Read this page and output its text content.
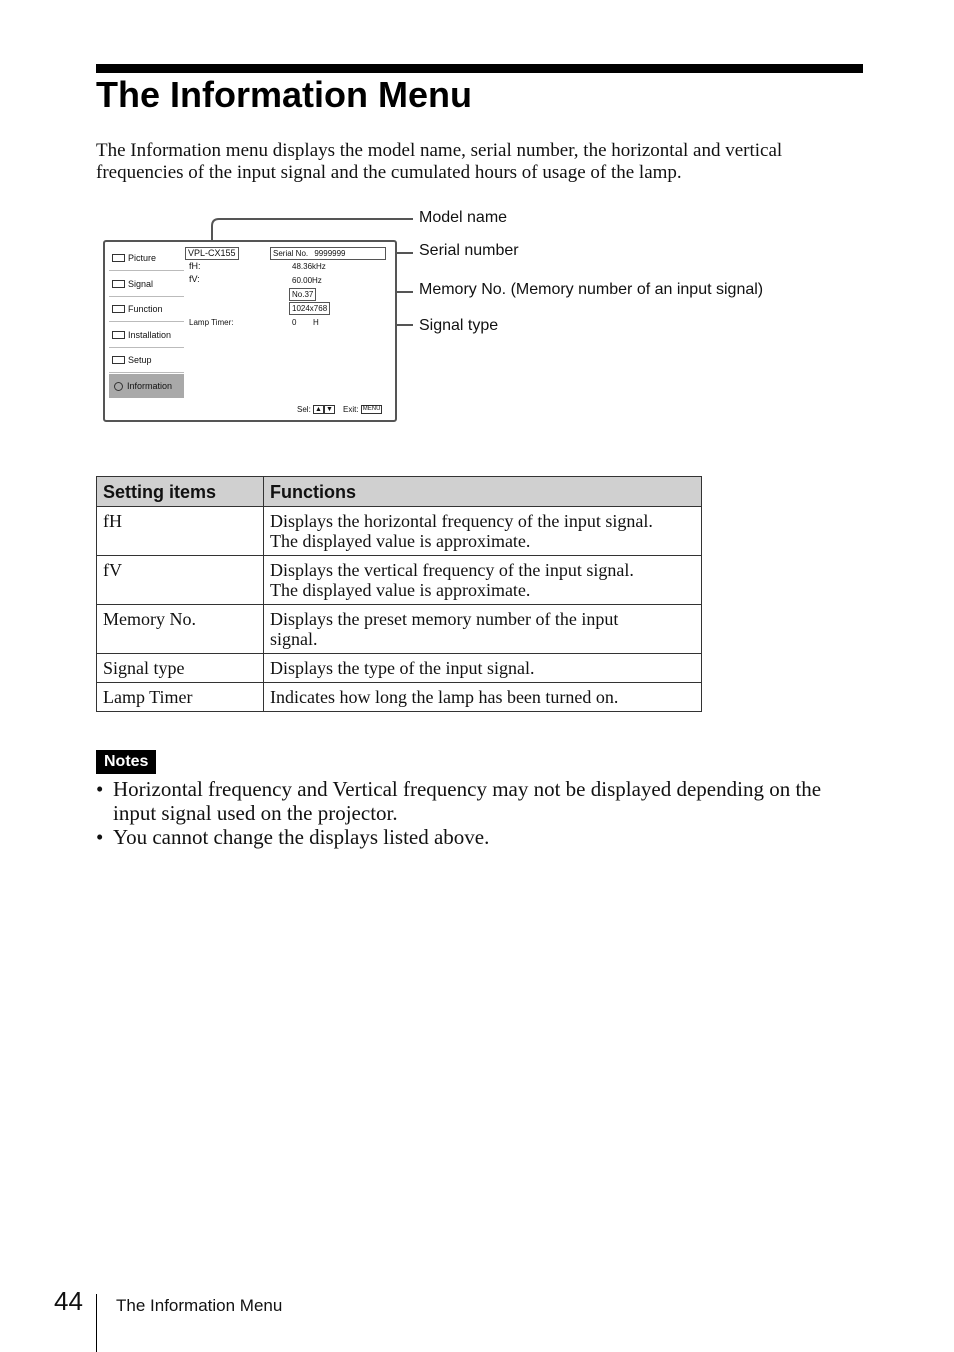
The Information Menu
The Information menu displays the model name, serial number, the horizontal and vertical frequencies of the input signal and the cumulated hours of usage of the lamp.
Model name
Serial number
Memory No. (Memory number of an input signal)
Signal type
Picture
Signal
Function
Installation
Setup
Information
VPL-CX155	Serial No. 9999999
fH:	48.36kHz
fV:	60.00Hz
No.37
1024x768
Lamp Timer:	0 H
Sel: ▲ ▼ Exit: MENU
Setting items	Functions
fH	Displays the horizontal frequency of the input signal.
The displayed value is approximate.

fV	Displays the vertical frequency of the input signal.
The displayed value is approximate.

Memory No.	Displays the preset memory number of the input
signal.

Signal type	Displays the type of the input signal.
Lamp Timer	Indicates how long the lamp has been turned on.
Notes
• Horizontal frequency and Vertical frequency may not be displayed depending on the input signal used on the projector.
• You cannot change the displays listed above.
44 The Information Menu
